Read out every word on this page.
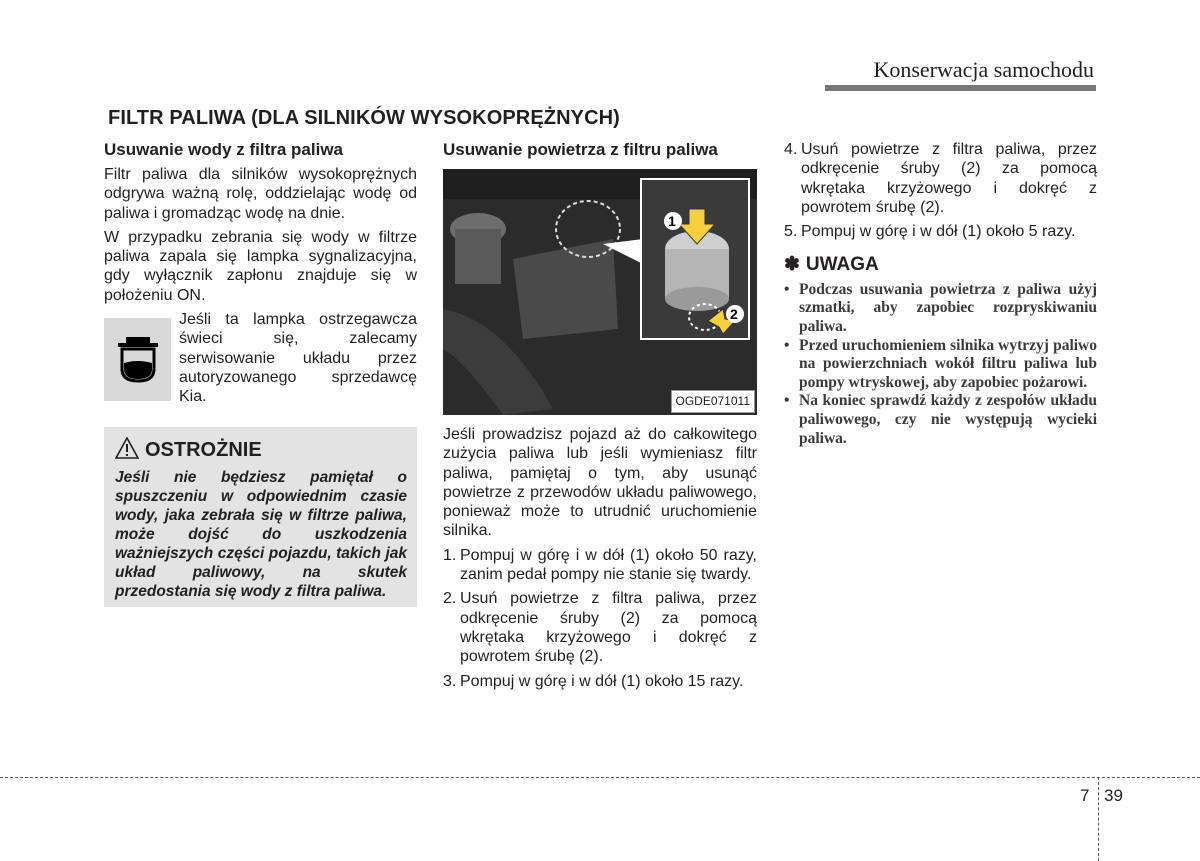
Konserwacja samochodu
FILTR PALIWA (DLA SILNIKÓW WYSOKOPRĘŻNYCH)
Usuwanie wody z filtra paliwa

Filtr paliwa dla silników wysokoprężnych odgrywa ważną rolę, oddzielając wodę od paliwa i gromadząc wodę na dnie.

W przypadku zebrania się wody w filtrze paliwa zapala się lampka sygnalizacyjna, gdy wyłącznik zapłonu znajduje się w położeniu ON.

Jeśli ta lampka ostrzegawcza świeci się, zalecamy serwisowanie układu przez autoryzowanego sprzedawcę Kia.
OSTROŻNIE
Jeśli nie będziesz pamiętał o spuszczeniu w odpowiednim czasie wody, jaka zebrała się w filtrze paliwa, może dojść do uszkodzenia ważniejszych części pojazdu, takich jak układ paliwowy, na skutek przedostania się wody z filtra paliwa.
Usuwanie powietrza z filtru paliwa
1
2
OGDE071011

Jeśli prowadzisz pojazd aż do całkowitego zużycia paliwa lub jeśli wymieniasz filtr paliwa, pamiętaj o tym, aby usunąć powietrze z przewodów układu paliwowego, ponieważ może to utrudnić uruchomienie silnika.

1. Pompuj w górę i w dół (1) około 50 razy, zanim pedał pompy nie stanie się twardy.
2. Usuń powietrze z filtra paliwa, przez odkręcenie śruby (2) za pomocą wkrętaka krzyżowego i dokręć z powrotem śrubę (2).
3. Pompuj w górę i w dół (1) około 15 razy.
4. Usuń powietrze z filtra paliwa, przez odkręcenie śruby (2) za pomocą wkrętaka krzyżowego i dokręć z powrotem śrubę (2).
5. Pompuj w górę i w dół (1) około 5 razy.
✽ UWAGA
• Podczas usuwania powietrza z paliwa użyj szmatki, aby zapobiec rozpryskiwaniu paliwa.
• Przed uruchomieniem silnika wytrzyj paliwo na powierzchniach wokół filtru paliwa lub pompy wtryskowej, aby zapobiec pożarowi.
• Na koniec sprawdź każdy z zespołów układu paliwowego, czy nie występują wycieki paliwa.
7 39
